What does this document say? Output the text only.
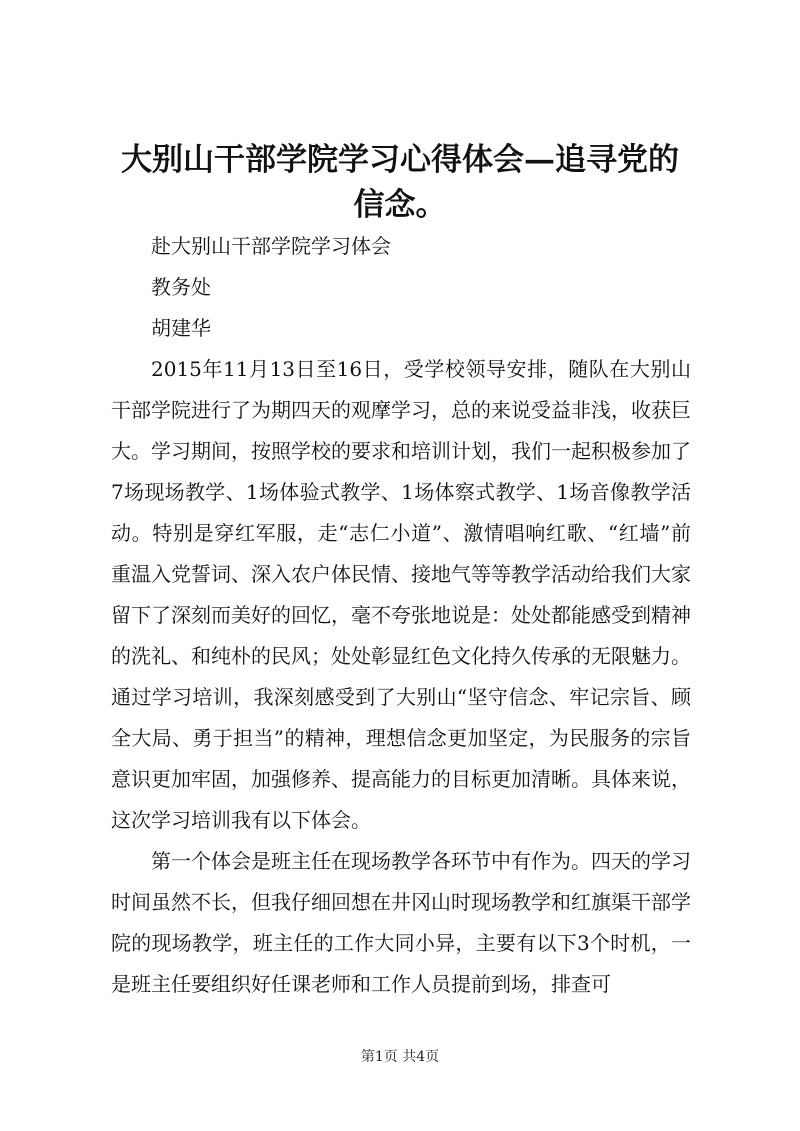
大别山干部学院学习心得体会—追寻党的信念。

赴大别山干部学院学习体会

教务处

胡建华

2015年11月13日至16日，受学校领导安排，随队在大别山干部学院进行了为期四天的观摩学习，总的来说受益非浅，收获巨大。学习期间，按照学校的要求和培训计划，我们一起积极参加了7场现场教学、1场体验式教学、1场体察式教学、1场音像教学活动。特别是穿红军服，走“志仁小道”、激情唱响红歌、“红墙”前重温入党誓词、深入农户体民情、接地气等等教学活动给我们大家留下了深刻而美好的回忆，毫不夸张地说是：处处都能感受到精神的洗礼、和纯朴的民风；处处彰显红色文化持久传承的无限魅力。通过学习培训，我深刻感受到了大别山“坚守信念、牢记宗旨、顾全大局、勇于担当”的精神，理想信念更加坚定，为民服务的宗旨意识更加牢固，加强修养、提高能力的目标更加清晰。具体来说，这次学习培训我有以下体会。

第一个体会是班主任在现场教学各环节中有作为。四天的学习时间虽然不长，但我仔细回想在井冈山时现场教学和红旗渠干部学院的现场教学，班主任的工作大同小异，主要有以下3个时机，一是班主任要组织好任课老师和工作人员提前到场，排查可

第1页 共4页
